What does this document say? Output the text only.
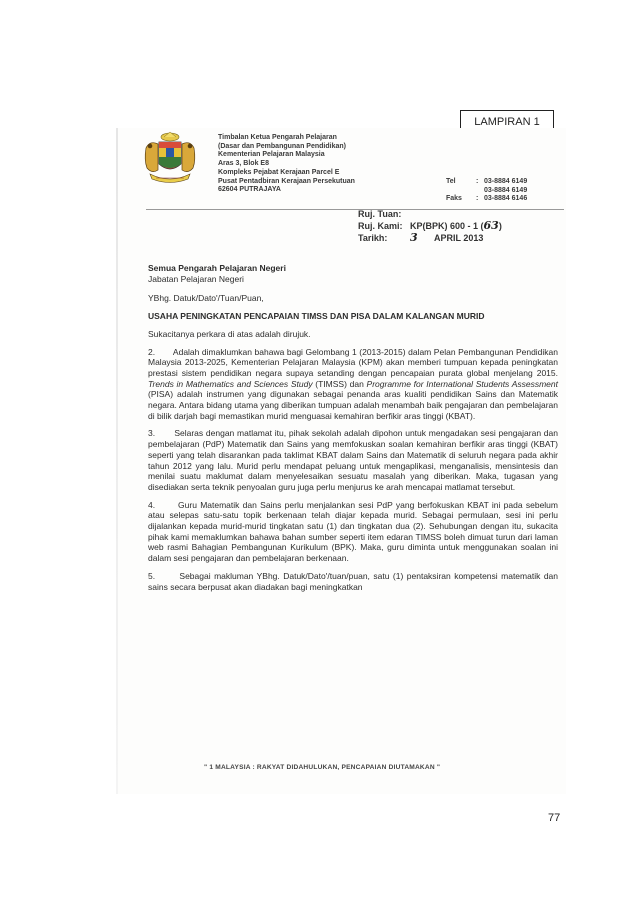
LAMPIRAN 1
Timbalan Ketua Pengarah Pelajaran
(Dasar dan Pembangunan Pendidikan)
Kementerian Pelajaran Malaysia
Aras 3, Blok E8
Kompleks Pejabat Kerajaan Parcel E
Pusat Pentadbiran Kerajaan Persekutuan
62604 PUTRAJAYA
Tel	: 03-8884 6149
03-8884 6149
Faks	: 03-8884 6146
Ruj. Tuan:
Ruj. Kami: KP(BPK) 600 - 1 ( 63 )
Tarikh:	3	APRIL 2013
Semua Pengarah Pelajaran Negeri
Jabatan Pelajaran Negeri

YBhg. Datuk/Dato'/Tuan/Puan,

USAHA PENINGKATAN PENCAPAIAN TIMSS DAN PISA DALAM KALANGAN MURID

Sukacitanya perkara di atas adalah dirujuk.

2. Adalah dimaklumkan bahawa bagi Gelombang 1 (2013-2015) dalam Pelan Pembangunan Pendidikan Malaysia 2013-2025, Kementerian Pelajaran Malaysia (KPM) akan memberi tumpuan kepada peningkatan prestasi sistem pendidikan negara supaya setanding dengan pencapaian purata global menjelang 2015. Trends in Mathematics and Sciences Study (TIMSS) dan Programme for International Students Assessment (PISA) adalah instrumen yang digunakan sebagai penanda aras kualiti pendidikan Sains dan Matematik negara. Antara bidang utama yang diberikan tumpuan adalah menambah baik pengajaran dan pembelajaran di bilik darjah bagi memastikan murid menguasai kemahiran berfikir aras tinggi (KBAT).

3. Selaras dengan matlamat itu, pihak sekolah adalah dipohon untuk mengadakan sesi pengajaran dan pembelajaran (PdP) Matematik dan Sains yang memfokuskan soalan kemahiran berfikir aras tinggi (KBAT) seperti yang telah disarankan pada taklimat KBAT dalam Sains dan Matematik di seluruh negara pada akhir tahun 2012 yang lalu. Murid perlu mendapat peluang untuk mengaplikasi, menganalisis, mensintesis dan menilai suatu maklumat dalam menyelesaikan sesuatu masalah yang diberikan. Maka, tugasan yang disediakan serta teknik penyoalan guru juga perlu menjurus ke arah mencapai matlamat tersebut.

4.	Guru Matematik dan Sains perlu menjalankan sesi PdP yang berfokuskan KBAT ini pada sebelum atau selepas satu-satu topik berkenaan telah diajar kepada murid. Sebagai permulaan, sesi ini perlu dijalankan kepada murid-murid tingkatan satu (1) dan tingkatan dua (2). Sehubungan dengan itu, sukacita pihak kami memaklumkan bahawa bahan sumber seperti item edaran TIMSS boleh dimuat turun dari laman web rasmi Bahagian Pembangunan Kurikulum (BPK). Maka, guru diminta untuk menggunakan soalan ini dalam sesi pengajaran dan pembelajaran berkenaan.

5.	Sebagai makluman YBhg. Datuk/Dato'/tuan/puan, satu (1) pentaksiran kompetensi matematik dan sains secara berpusat akan diadakan bagi meningkatkan

" 1 MALAYSIA : RAKYAT DIDAHULUKAN, PENCAPAIAN DIUTAMAKAN "
77
